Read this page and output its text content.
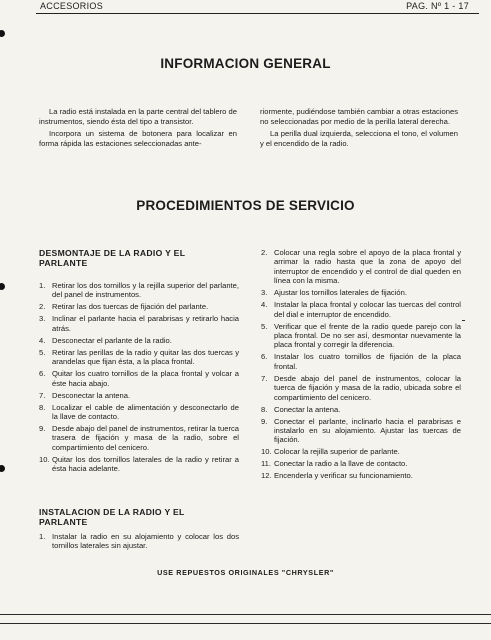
ACCESORIOS	PAG. Nº 1 - 17
INFORMACION GENERAL

La radio está instalada en la parte central del tablero de instrumentos, siendo ésta del tipo a transistor.

Incorpora un sistema de botonera para localizar en forma rápida las estaciones seleccionadas ante-

riormente, pudiéndose también cambiar a otras estaciones no seleccionadas por medio de la perilla lateral derecha.

La perilla dual izquierda, selecciona el tono, el volumen y el encendido de la radio.

PROCEDIMIENTOS DE SERVICIO
DESMONTAJE DE LA RADIO Y EL PARLANTE
1. Retirar los dos tornillos y la rejilla superior del parlante, del panel de instrumentos.
2. Retirar las dos tuercas de fijación del parlante.
3. Inclinar el parlante hacia el parabrisas y retirarlo hacia atrás.
4. Desconectar el parlante de la radio.
5. Retirar las perillas de la radio y quitar las dos tuercas y arandelas que fijan ésta, a la placa frontal.
6. Quitar los cuatro tornillos de la placa frontal y volcar a éste hacia abajo.
7. Desconectar la antena.
8. Localizar el cable de alimentación y desconectarlo de la llave de contacto.
9. Desde abajo del panel de instrumentos, retirar la tuerca trasera de fijación y masa de la radio, sobre el compartimiento del cenicero.
10. Quitar los dos tornillos laterales de la radio y retirar a ésta hacia adelante.
INSTALACION DE LA RADIO Y EL PARLANTE
1. Instalar la radio en su alojamiento y colocar los dos tornillos laterales sin ajustar.
2. Colocar una regla sobre el apoyo de la placa frontal y arrimar la radio hasta que la zona de apoyo del interruptor de encendido y el control de dial queden en línea con la misma.
3. Ajustar los tornillos laterales de fijación.
4. Instalar la placa frontal y colocar las tuercas del control del dial e interruptor de encendido.
5. Verificar que el frente de la radio quede parejo con la placa frontal. De no ser así, desmontar nuevamente la placa frontal y corregir la diferencia.
6. Instalar los cuatro tornillos de fijación de la placa frontal.
7. Desde abajo del panel de instrumentos, colocar la tuerca de fijación y masa de la radio, ubicada sobre el compartimiento del cenicero.
8. Conectar la antena.
9. Conectar el parlante, inclinarlo hacia el parabrisas e instalarlo en su alojamiento. Ajustar las tuercas de fijación.
10. Colocar la rejilla superior de parlante.
11. Conectar la radio a la llave de contacto.
12. Encenderla y verificar su funcionamiento.
USE REPUESTOS ORIGINALES "CHRYSLER"
